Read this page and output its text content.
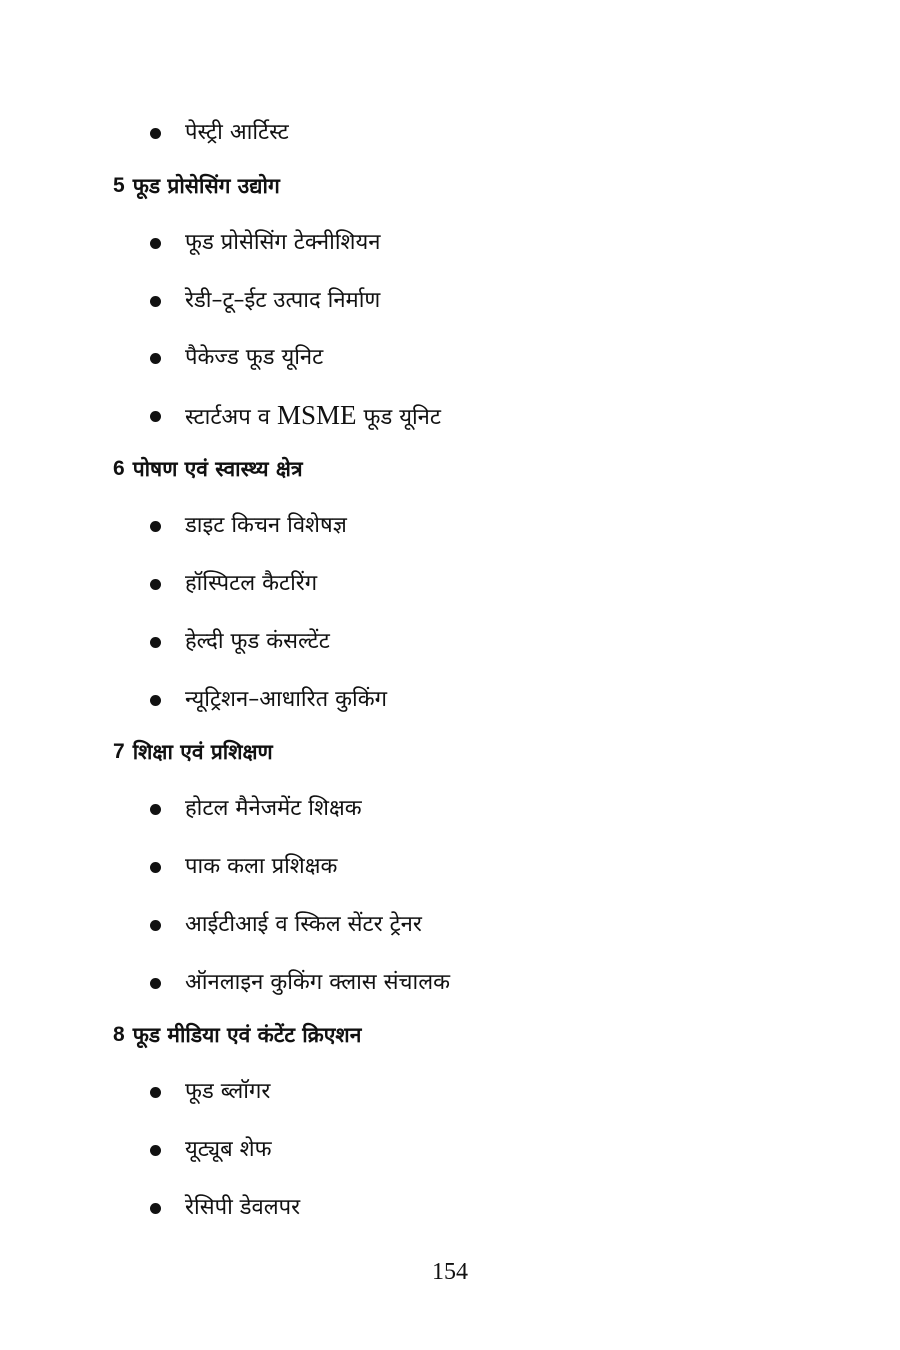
पेस्ट्री आर्टिस्ट
5 फूड प्रोसेसिंग उद्योग
फूड प्रोसेसिंग टेक्नीशियन
रेडी–टू–ईट उत्पाद निर्माण
पैकेज्ड फूड यूनिट
स्टार्टअप व MSME फूड यूनिट
6 पोषण एवं स्वास्थ्य क्षेत्र
डाइट किचन विशेषज्ञ
हॉस्पिटल कैटरिंग
हेल्दी फूड कंसल्टेंट
न्यूट्रिशन–आधारित कुकिंग
7 शिक्षा एवं प्रशिक्षण
होटल मैनेजमेंट शिक्षक
पाक कला प्रशिक्षक
आईटीआई व स्किल सेंटर ट्रेनर
ऑनलाइन कुकिंग क्लास संचालक
8 फूड मीडिया एवं कंटेंट क्रिएशन
फूड ब्लॉगर
यूट्यूब शेफ
रेसिपी डेवलपर
154
